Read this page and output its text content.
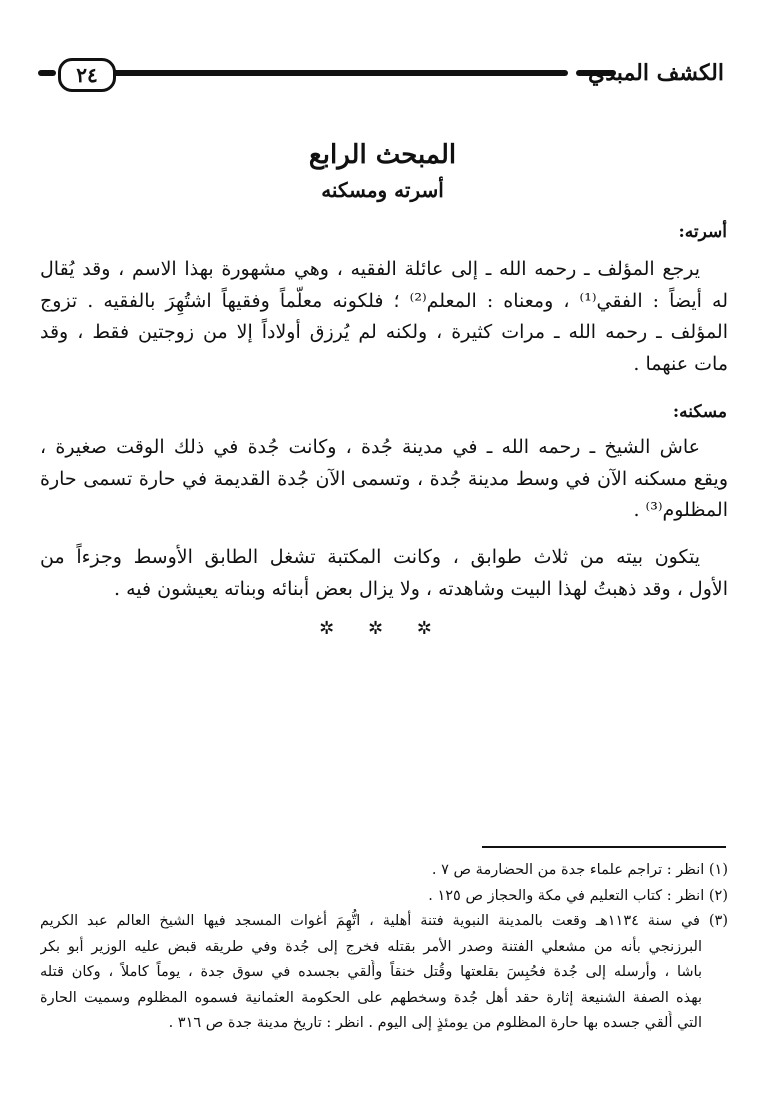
٢٤	الكشف المبدي
المبحث الرابع
أسرته ومسكنه
أسرته:
يرجع المؤلف ـ رحمه الله ـ إلى عائلة الفقيه ، وهي مشهورة بهذا الاسم ، وقد يُقال
له أيضاً : الفقي⁽¹⁾ ، ومعناه : المعلم⁽²⁾ ؛ فلكونه معلّماً وفقيهاً اشتُهِرَ بالفقيه . تزوج
المؤلف ـ رحمه الله ـ مرات كثيرة ، ولكنه لم يُرزق أولاداً إلا من زوجتين فقط ، وقد
مات عنهما .
مسكنه:
عاش الشيخ ـ رحمه الله ـ في مدينة جُدة ، وكانت جُدة في ذلك الوقت صغيرة ،
ويقع مسكنه الآن في وسط مدينة جُدة ، وتسمى الآن جُدة القديمة في حارة تسمى حارة
المظلوم⁽³⁾ .
يتكون بيته من ثلاث طوابق ، وكانت المكتبة تشغل الطابق الأوسط وجزءاً من
الأول ، وقد ذهبتُ لهذا البيت وشاهدته ، ولا يزال بعض أبنائه وبناته يعيشون فيه .
✲ ✲ ✲
(١) انظر : تراجم علماء جدة من الحضارمة ص ٧ .
(٢) انظر : كتاب التعليم في مكة والحجاز ص ١٢٥ .
(٣) في سنة ١١٣٤هـ وقعت بالمدينة النبوية فتنة أهلية ، اتُّهِمَ أغوات المسجد فيها الشيخ العالم عبد الكريم
البرزنجي بأنه من مشعلي الفتنة وصدر الأمر بقتله فخرج إلى جُدة وفي طريقه قبض عليه الوزير أبو بكر
باشا ، وأرسله إلى جُدة فحُبِسَ بقلعتها وقُتل خنقاً وأُلقي بجسده في سوق جدة ، يوماً كاملاً ، وكان قتله
بهذه الصفة الشنيعة إثارة حقد أهل جُدة وسخطهم على الحكومة العثمانية فسموه المظلوم وسميت الحارة
التي أُلقي جسده بها حارة المظلوم من يومئذٍ إلى اليوم . انظر : تاريخ مدينة جدة ص ٣١٦ .
